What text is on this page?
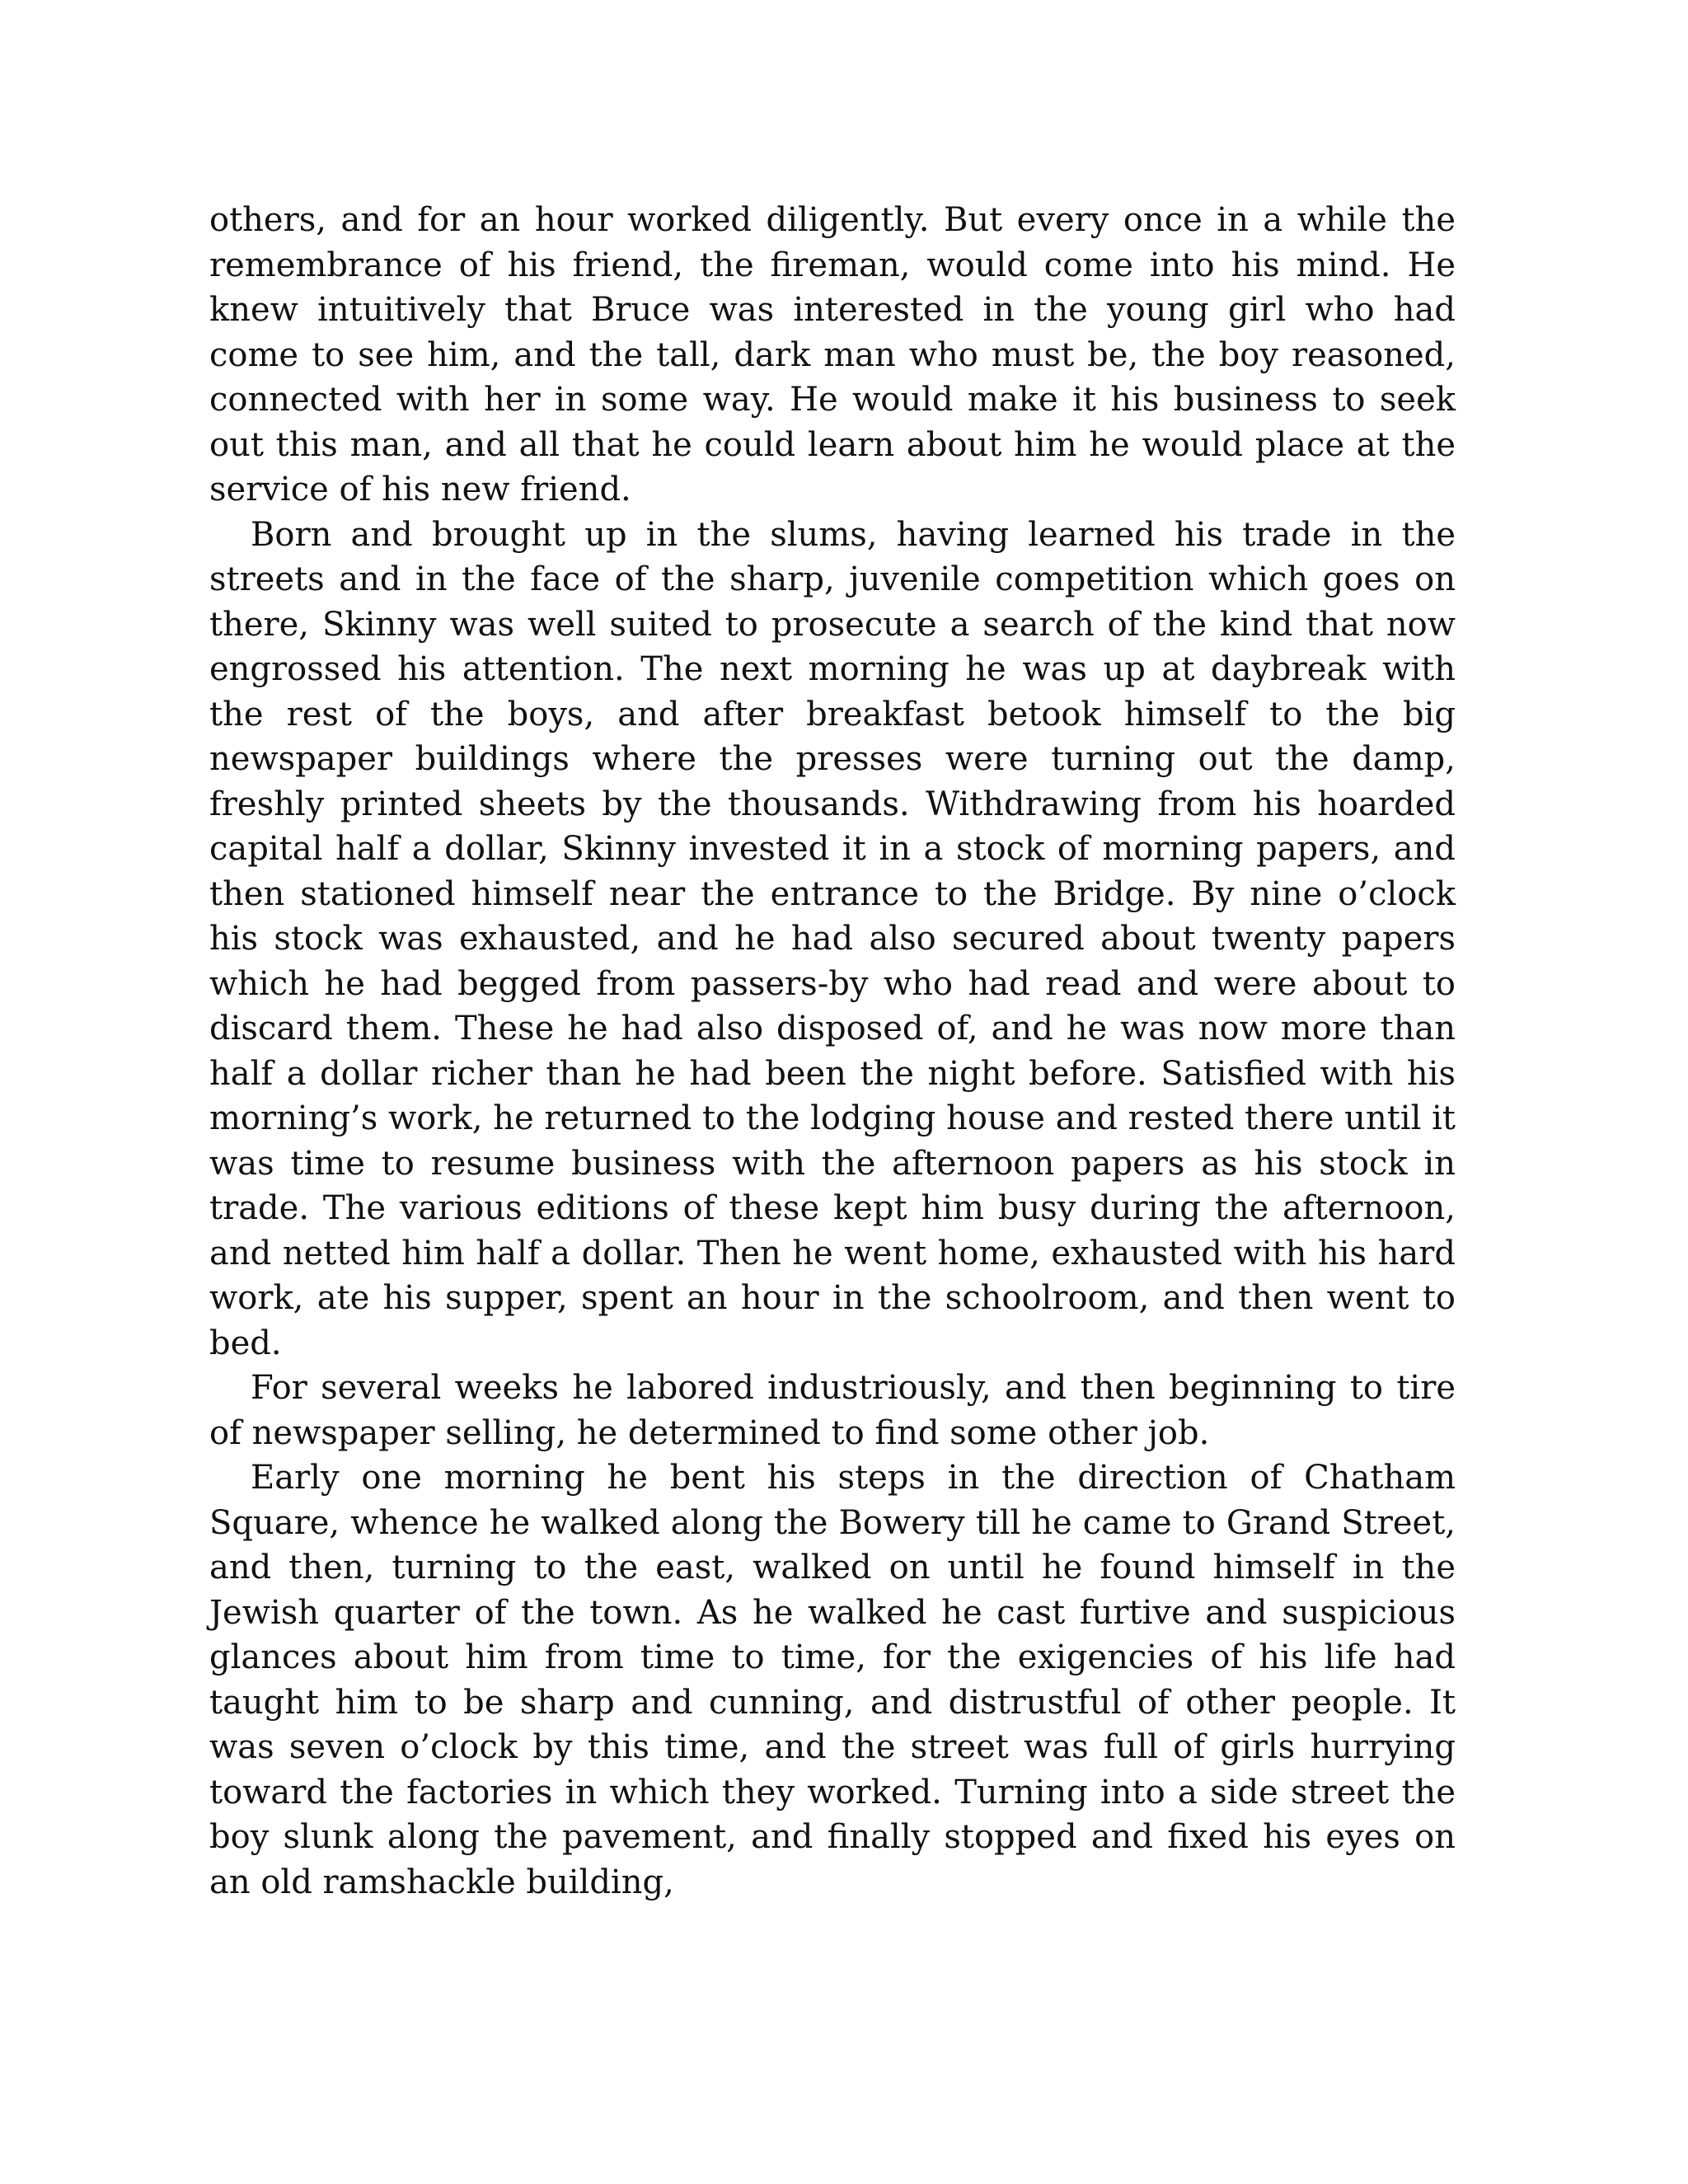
others, and for an hour worked diligently. But every once in a while the remembrance of his friend, the fireman, would come into his mind. He knew intuitively that Bruce was interested in the young girl who had come to see him, and the tall, dark man who must be, the boy reasoned, connected with her in some way. He would make it his business to seek out this man, and all that he could learn about him he would place at the service of his new friend.

Born and brought up in the slums, having learned his trade in the streets and in the face of the sharp, juvenile competition which goes on there, Skinny was well suited to prosecute a search of the kind that now engrossed his attention. The next morning he was up at daybreak with the rest of the boys, and after breakfast betook himself to the big newspaper buildings where the presses were turning out the damp, freshly printed sheets by the thousands. Withdrawing from his hoarded capital half a dollar, Skinny invested it in a stock of morning papers, and then stationed himself near the entrance to the Bridge. By nine o’clock his stock was exhausted, and he had also secured about twenty papers which he had begged from passers-by who had read and were about to discard them. These he had also disposed of, and he was now more than half a dollar richer than he had been the night before. Satisfied with his morning’s work, he returned to the lodging house and rested there until it was time to resume business with the afternoon papers as his stock in trade. The various editions of these kept him busy during the afternoon, and netted him half a dollar. Then he went home, exhausted with his hard work, ate his supper, spent an hour in the schoolroom, and then went to bed.

For several weeks he labored industriously, and then beginning to tire of newspaper selling, he determined to find some other job.

Early one morning he bent his steps in the direction of Chatham Square, whence he walked along the Bowery till he came to Grand Street, and then, turning to the east, walked on until he found himself in the Jewish quarter of the town. As he walked he cast furtive and suspicious glances about him from time to time, for the exigencies of his life had taught him to be sharp and cunning, and distrustful of other people. It was seven o’clock by this time, and the street was full of girls hurrying toward the factories in which they worked. Turning into a side street the boy slunk along the pavement, and finally stopped and fixed his eyes on an old ramshackle building,
